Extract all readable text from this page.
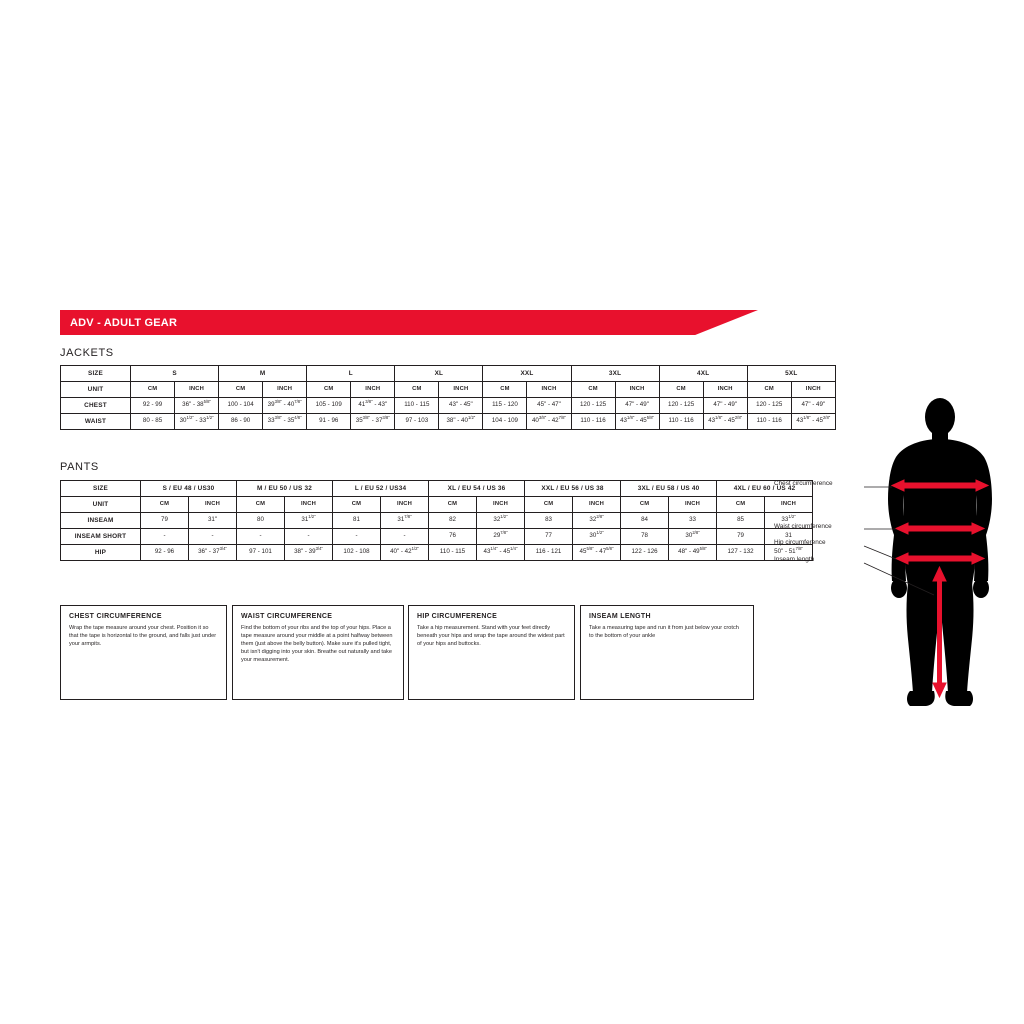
ADV - ADULT GEAR
JACKETS
PANTS
SIZE	S		M		L		XL		XXL		3XL		4XL		5XL	
UNIT	CM	INCH	CM	INCH	CM	INCH	CM	INCH	CM	INCH	CM	INCH	CM	INCH	CM	INCH
CHEST	92 - 99	36" - $38^{5/8"}$	100 - 104	$39^{3/8"} - 40^{7/8"}$	105 - 109	$41^{3/8"} - 43$"	110 - 115	43" - 45"	115 - 120	45" - 47"	120 - 125	47" - 49"	120 - 125	47" - 49"	120 - 125	47" - 49"
WAIST	80 - 85	$30^{1/2"} - 33^{1/2"}$	86 - 90	$33^{3/8"} - 35^{4/8"}$	91 - 96	$35^{3/8"} - 37^{3/8"}$	97 - 103	38" - $40^{1/2"}$	104 - 109	$40^{3/8"} - 42^{7/8"}$	110 - 116	$43^{1/8"} - 45^{5/8"}$	110 - 116	$43^{1/8"} - 45^{2/8"}$	110 - 116	$43^{1/8"} - 45^{2/8"}$
SIZE	S / EU 48 / US30		M / EU 50 / US 32		L / EU 52 / US34		XL / EU 54 / US 36		XXL / EU 56 / US 38		3XL / EU 58 / US 40		4XL / EU 60 / US 42	
UNIT	CM	INCH	CM	INCH	CM	INCH	CM	INCH	CM	INCH	CM	INCH	CM	INCH
INSEAM	79	31"	80	$31^{1/2"}$	81	$31^{7/8"}$	82	$32^{1/2"}$	83	$32^{2/8"}$	84	33	85	$33^{1/2"}$
INSEAM SHORT	-	-	-	-	-	-	76	$29^{7/8"}$	77	$30^{1/2"}$	78	$30^{2/8"}$	79	31
HIP	92 - 96	36" - $37^{3/4"}$	97 - 101	38" - $39^{3/4"}$	102 - 108	40" - $42^{1/2"}$	110 - 115	$43^{1/4"} - 45^{1/4"}$	116 - 121	$45^{5/8"} - 47^{5/8"}$	122 - 126	48" - $49^{5/8"}$	127 - 132	50" - $51^{7/8"}$
CHEST CIRCUMFERENCE
Wrap the tape measure around your chest. Position it so that the tape is horizontal to the ground, and falls just under your armpits.
WAIST CIRCUMFERENCE
Find the bottom of your ribs and the top of your hips. Place a tape measure around your middle at a point halfway between them (just above the belly button). Make sure it's pulled tight, but isn't digging into your skin. Breathe out naturally and take your measurement.
HIP CIRCUMFERENCE
Take a hip measurement. Stand with your feet directly beneath your hips and wrap the tape around the widest part of your hips and buttocks.
INSEAM LENGTH
Take a measuring tape and run it from just below your crotch to the bottom of your ankle
Chest circumference
Waist circumference
Hip circumference
Inseam length
